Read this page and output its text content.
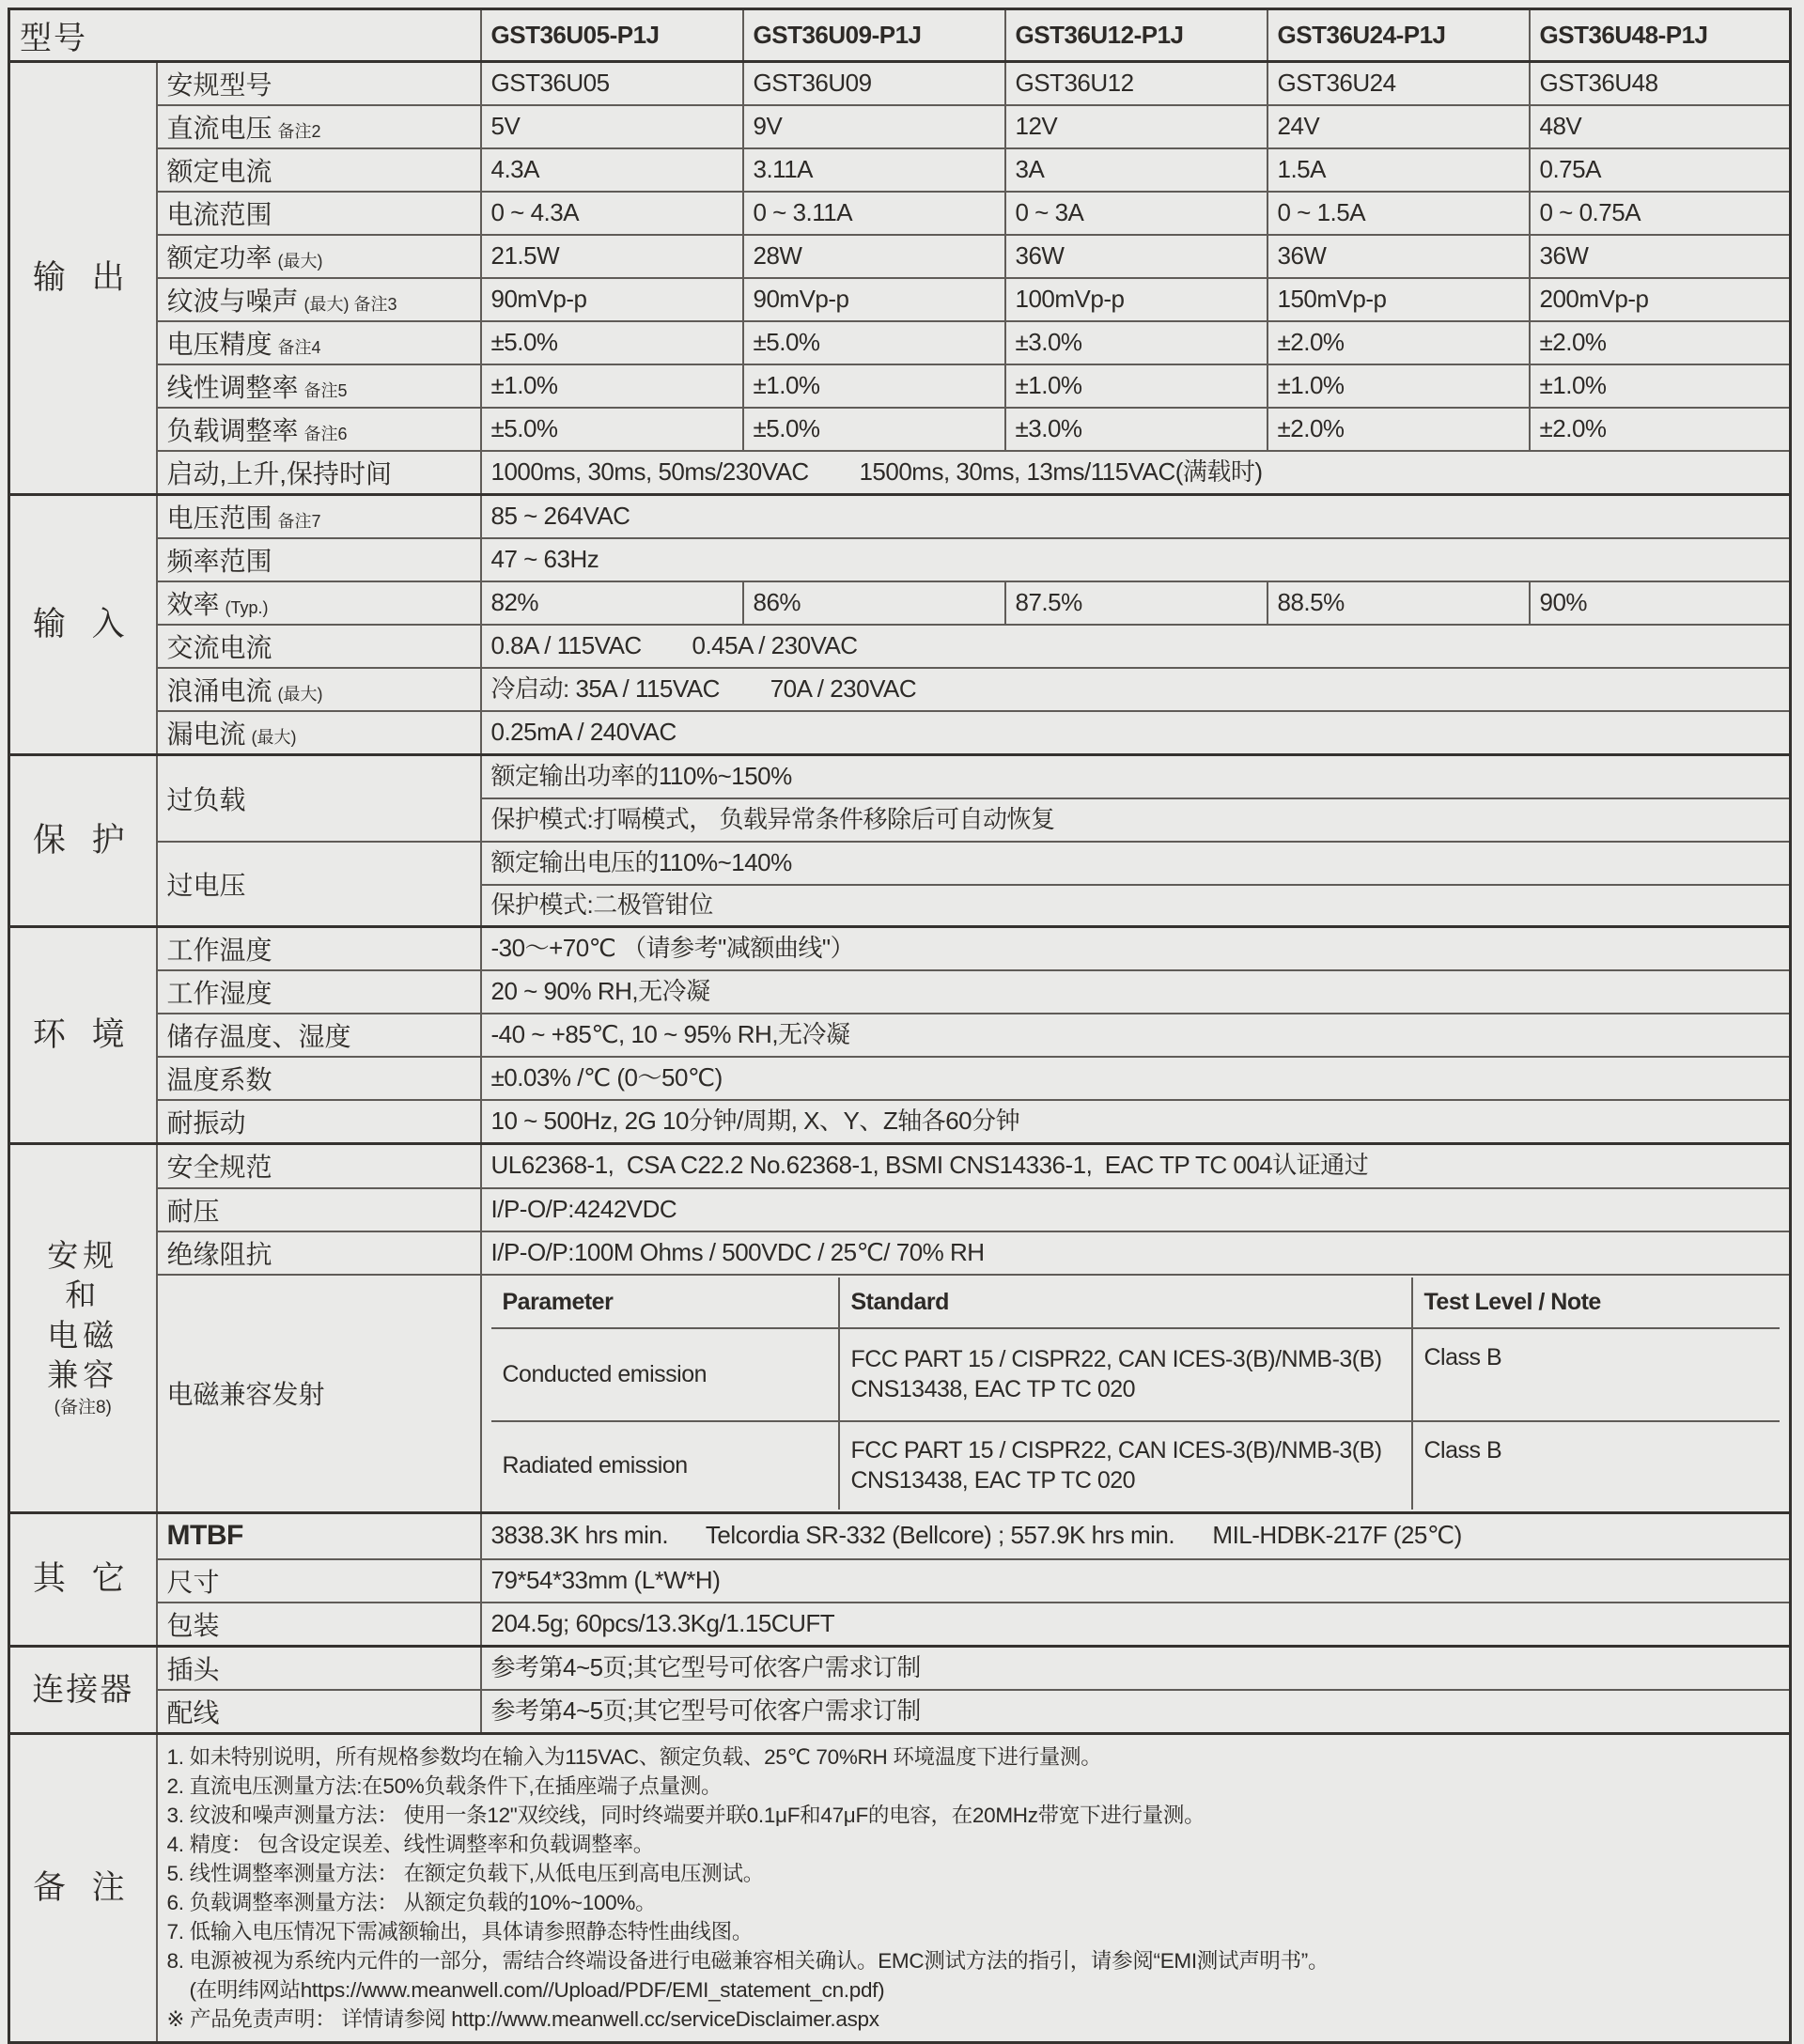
型号	GST36U05-P1J	GST36U09-P1J	GST36U12-P1J	GST36U24-P1J	GST36U48-P1J
输 出	安规型号	GST36U05	GST36U09	GST36U12	GST36U24	GST36U48
直流电压 备注2	5V	9V	12V	24V	48V
额定电流	4.3A	3.11A	3A	1.5A	0.75A
电流范围	0 ~ 4.3A	0 ~ 3.11A	0 ~ 3A	0 ~ 1.5A	0 ~ 0.75A
额定功率 (最大)	21.5W	28W	36W	36W	36W
纹波与噪声 (最大) 备注3	90mVp-p	90mVp-p	100mVp-p	150mVp-p	200mVp-p
电压精度 备注4	±5.0%	±5.0%	±3.0%	±2.0%	±2.0%
线性调整率 备注5	±1.0%	±1.0%	±1.0%	±1.0%	±1.0%
负载调整率 备注6	±5.0%	±5.0%	±3.0%	±2.0%	±2.0%
启动,上升,保持时间	1000ms, 30ms, 50ms/230VAC        1500ms, 30ms, 13ms/115VAC(满载时)
输 入	电压范围 备注7	85 ~ 264VAC
频率范围	47 ~ 63Hz
效率 (Typ.)	82%	86%	87.5%	88.5%	90%
交流电流	0.8A / 115VAC        0.45A / 230VAC
浪涌电流 (最大)	冷启动: 35A / 115VAC        70A / 230VAC
漏电流 (最大)	0.25mA / 240VAC
保 护	过负载	额定输出功率的110%~150%
保护模式:打嗝模式， 负载异常条件移除后可自动恢复
过电压	额定输出电压的110%~140%
保护模式:二极管钳位
环 境	工作温度	-30～+70℃ （请参考"减额曲线"）
工作湿度	20 ~ 90% RH,无冷凝
储存温度、湿度	-40 ~ +85℃, 10 ~ 95% RH,无冷凝
温度系数	±0.03% /℃ (0～50℃)
耐振动	10 ~ 500Hz, 2G 10分钟/周期, X、Y、Z轴各60分钟

安规
和
电磁
兼容
(备注8)
	安全规范	UL62368-1,  CSA C22.2 No.62368-1, BSMI CNS14336-1,  EAC TP TC 004认证通过
耐压	I/P-O/P:4242VDC
绝缘阻抗	I/P-O/P:100M Ohms / 500VDC / 25℃/ 70% RH
电磁兼容发射	
Parameter	Standard	Test Level / Note
Conducted emission	FCC PART 15 / CISPR22, CAN ICES-3(B)/NMB-3(B) CNS13438, EAC TP TC 020	Class B
Radiated emission	FCC PART 15 / CISPR22, CAN ICES-3(B)/NMB-3(B) CNS13438, EAC TP TC 020	Class B

其 它	MTBF	3838.3K hrs min.      Telcordia SR-332 (Bellcore) ; 557.9K hrs min.      MIL-HDBK-217F (25℃)
尺寸	79*54*33mm (L*W*H)
包装	204.5g; 60pcs/13.3Kg/1.15CUFT
连接器	插头	参考第4~5页;其它型号可依客户需求订制
配线	参考第4~5页;其它型号可依客户需求订制
备 注	
1. 如未特别说明，所有规格参数均在输入为115VAC、额定负载、25℃ 70%RH 环境温度下进行量测。
2. 直流电压测量方法:在50%负载条件下,在插座端子点量测。
3. 纹波和噪声测量方法： 使用一条12"双绞线，同时终端要并联0.1μF和47μF的电容，在20MHz带宽下进行量测。
4. 精度： 包含设定误差、线性调整率和负载调整率。
5. 线性调整率测量方法： 在额定负载下,从低电压到高电压测试。
6. 负载调整率测量方法： 从额定负载的10%~100%。
7. 低输入电压情况下需减额输出，具体请参照静态特性曲线图。
8. 电源被视为系统内元件的一部分，需结合终端设备进行电磁兼容相关确认。EMC测试方法的指引，请参阅“EMI测试声明书”。
(在明纬网站https://www.meanwell.com//Upload/PDF/EMI_statement_cn.pdf)
※ 产品免责声明： 详情请参阅 http://www.meanwell.cc/serviceDisclaimer.aspx
